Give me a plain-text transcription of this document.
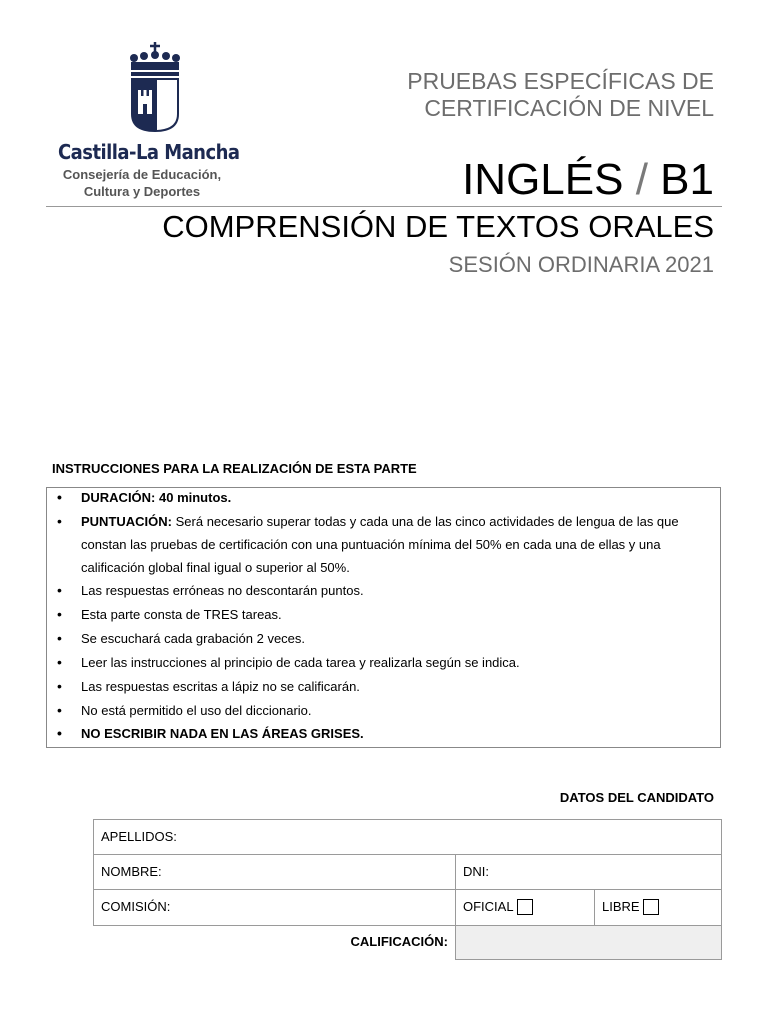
Castilla-La Mancha
Consejería de Educación, Cultura y Deportes
PRUEBAS ESPECÍFICAS DE
CERTIFICACIÓN DE NIVEL
INGLÉS / B1
COMPRENSIÓN DE TEXTOS ORALES
SESIÓN ORDINARIA 2021
INSTRUCCIONES PARA LA REALIZACIÓN DE ESTA PARTE
• DURACIÓN: 40 minutos.
• PUNTUACIÓN: Será necesario superar todas y cada una de las cinco actividades de lengua de las que constan las pruebas de certificación con una puntuación mínima del 50% en cada una de ellas y una calificación global final igual o superior al 50%.
• Las respuestas erróneas no descontarán puntos.
• Esta parte consta de TRES tareas.
• Se escuchará cada grabación 2 veces.
• Leer las instrucciones al principio de cada tarea y realizarla según se indica.
• Las respuestas escritas a lápiz no se calificarán.
• No está permitido el uso del diccionario.
• NO ESCRIBIR NADA EN LAS ÁREAS GRISES.
DATOS DEL CANDIDATO
APELLIDOS:
NOMBRE:	DNI:
COMISIÓN:	OFICIAL	LIBRE
CALIFICACIÓN:
